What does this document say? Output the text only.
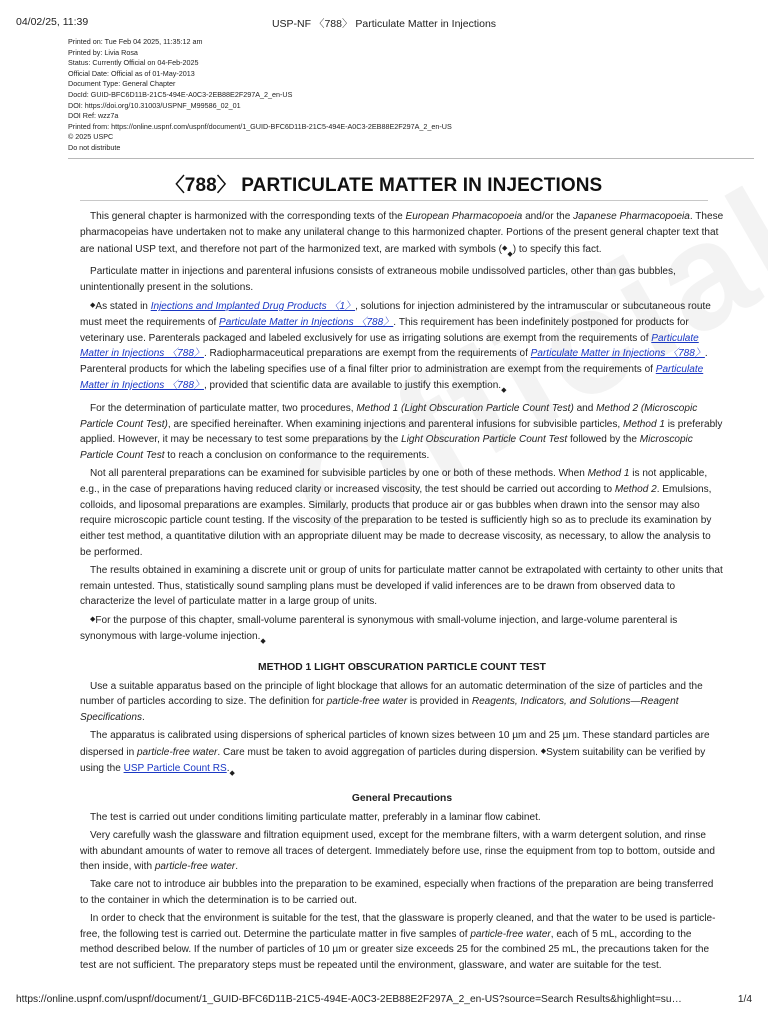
04/02/25, 11:39	USP-NF 〈788〉 Particulate Matter in Injections
Printed on: Tue Feb 04 2025, 11:35:12 am
Printed by: Livia Rosa
Status: Currently Official on 04-Feb-2025
Official Date: Official as of 01-May-2013
Document Type: General Chapter
DocId: GUID-BFC6D11B-21C5-494E-A0C3-2EB88E2F297A_2_en-US
DOI: https://doi.org/10.31003/USPNF_M99586_02_01
DOI Ref: wzz7a
Printed from: https://online.uspnf.com/uspnf/document/1_GUID-BFC6D11B-21C5-494E-A0C3-2EB88E2F297A_2_en-US
© 2025 USPC
Do not distribute
〈788〉 PARTICULATE MATTER IN INJECTIONS

This general chapter is harmonized with the corresponding texts of the European Pharmacopoeia and/or the Japanese Pharmacopoeia. These pharmacopeias have undertaken not to make any unilateral change to this harmonized chapter. Portions of the present general chapter text that are national USP text, and therefore not part of the harmonized text, are marked with symbols $(◆_◆)$ to specify this fact.

Particulate matter in injections and parenteral infusions consists of extraneous mobile undissolved particles, other than gas bubbles, unintentionally present in the solutions.

◆As stated in Injections and Implanted Drug Products 〈1〉, solutions for injection administered by the intramuscular or subcutaneous route must meet the requirements of Particulate Matter in Injections 〈788〉. This requirement has been indefinitely postponed for products for veterinary use. Parenterals packaged and labeled exclusively for use as irrigating solutions are exempt from the requirements of Particulate Matter in Injections 〈788〉. Radiopharmaceutical preparations are exempt from the requirements of Particulate Matter in Injections 〈788〉. Parenteral products for which the labeling specifies use of a final filter prior to administration are exempt from the requirements of Particulate Matter in Injections 〈788〉, provided that scientific data are available to justify this $exemption._◆$

For the determination of particulate matter, two procedures, Method 1 (Light Obscuration Particle Count Test) and Method 2 (Microscopic Particle Count Test), are specified hereinafter. When examining injections and parenteral infusions for subvisible particles, Method 1 is preferably applied. However, it may be necessary to test some preparations by the Light Obscuration Particle Count Test followed by the Microscopic Particle Count Test to reach a conclusion on conformance to the requirements.

Not all parenteral preparations can be examined for subvisible particles by one or both of these methods. When Method 1 is not applicable, e.g., in the case of preparations having reduced clarity or increased viscosity, the test should be carried out according to Method 2. Emulsions, colloids, and liposomal preparations are examples. Similarly, products that produce air or gas bubbles when drawn into the sensor may also require microscopic particle count testing. If the viscosity of the preparation to be tested is sufficiently high so as to preclude its examination by either test method, a quantitative dilution with an appropriate diluent may be made to decrease viscosity, as necessary, to allow the analysis to be performed.

The results obtained in examining a discrete unit or group of units for particulate matter cannot be extrapolated with certainty to other units that remain untested. Thus, statistically sound sampling plans must be developed if valid inferences are to be drawn from observed data to characterize the level of particulate matter in a large group of units.

◆For the purpose of this chapter, small-volume parenteral is synonymous with small-volume injection, and large-volume parenteral is synonymous with large-volume $injection._◆$

METHOD 1 LIGHT OBSCURATION PARTICLE COUNT TEST

Use a suitable apparatus based on the principle of light blockage that allows for an automatic determination of the size of particles and the number of particles according to size. The definition for particle-free water is provided in Reagents, Indicators, and Solutions—Reagent Specifications.

The apparatus is calibrated using dispersions of spherical particles of known sizes between 10 µm and 25 µm. These standard particles are dispersed in particle-free water. Care must be taken to avoid aggregation of particles during dispersion. ◆System suitability can be verified by using the USP Particle Count $RS._◆$

General Precautions

The test is carried out under conditions limiting particulate matter, preferably in a laminar flow cabinet.

Very carefully wash the glassware and filtration equipment used, except for the membrane filters, with a warm detergent solution, and rinse with abundant amounts of water to remove all traces of detergent. Immediately before use, rinse the equipment from top to bottom, outside and then inside, with particle-free water.

Take care not to introduce air bubbles into the preparation to be examined, especially when fractions of the preparation are being transferred to the container in which the determination is to be carried out.

In order to check that the environment is suitable for the test, that the glassware is properly cleaned, and that the water to be used is particle-free, the following test is carried out. Determine the particulate matter in five samples of particle-free water, each of 5 mL, according to the method described below. If the number of particles of 10 µm or greater size exceeds 25 for the combined 25 mL, the precautions taken for the test are not sufficient. The preparatory steps must be repeated until the environment, glassware, and water are suitable for the test.

https://online.uspnf.com/uspnf/document/1_GUID-BFC6D11B-21C5-494E-A0C3-2EB88E2F297A_2_en-US?source=Search Results&highlight=su…	1/4
